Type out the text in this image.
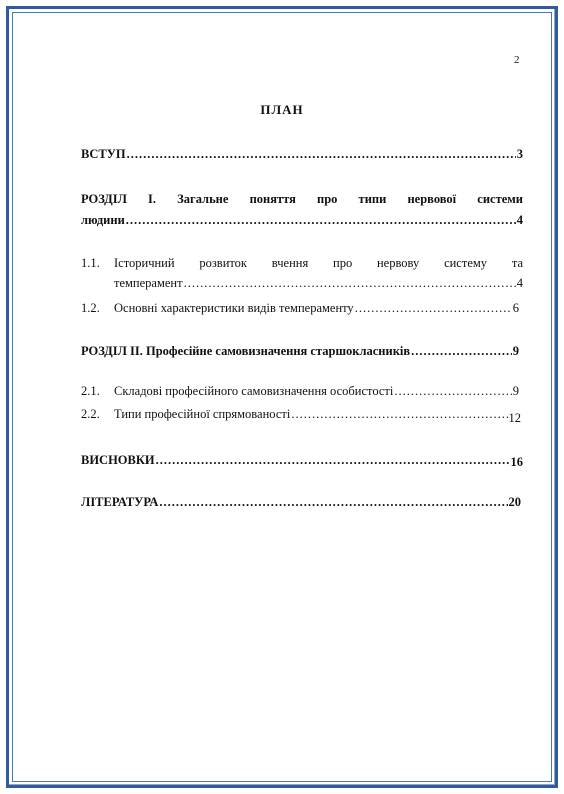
2
ПЛАН
ВСТУП .....	3
РОЗДІЛ І. Загальне поняття про типи нервової системи
людини .....	4
1.1. Історичний розвиток вчення про нервову систему та
темперамент .....	4
1.2. Основні характеристики видів темпераменту .....	6
РОЗДІЛ ІІ. Професійне самовизначення старшокласників .....	9
2.1. Складові професійного самовизначення особистості .....	9
2.2. Типи професійної спрямованості .....	12
ВИСНОВКИ .....	16
ЛІТЕРАТУРА .....	20
